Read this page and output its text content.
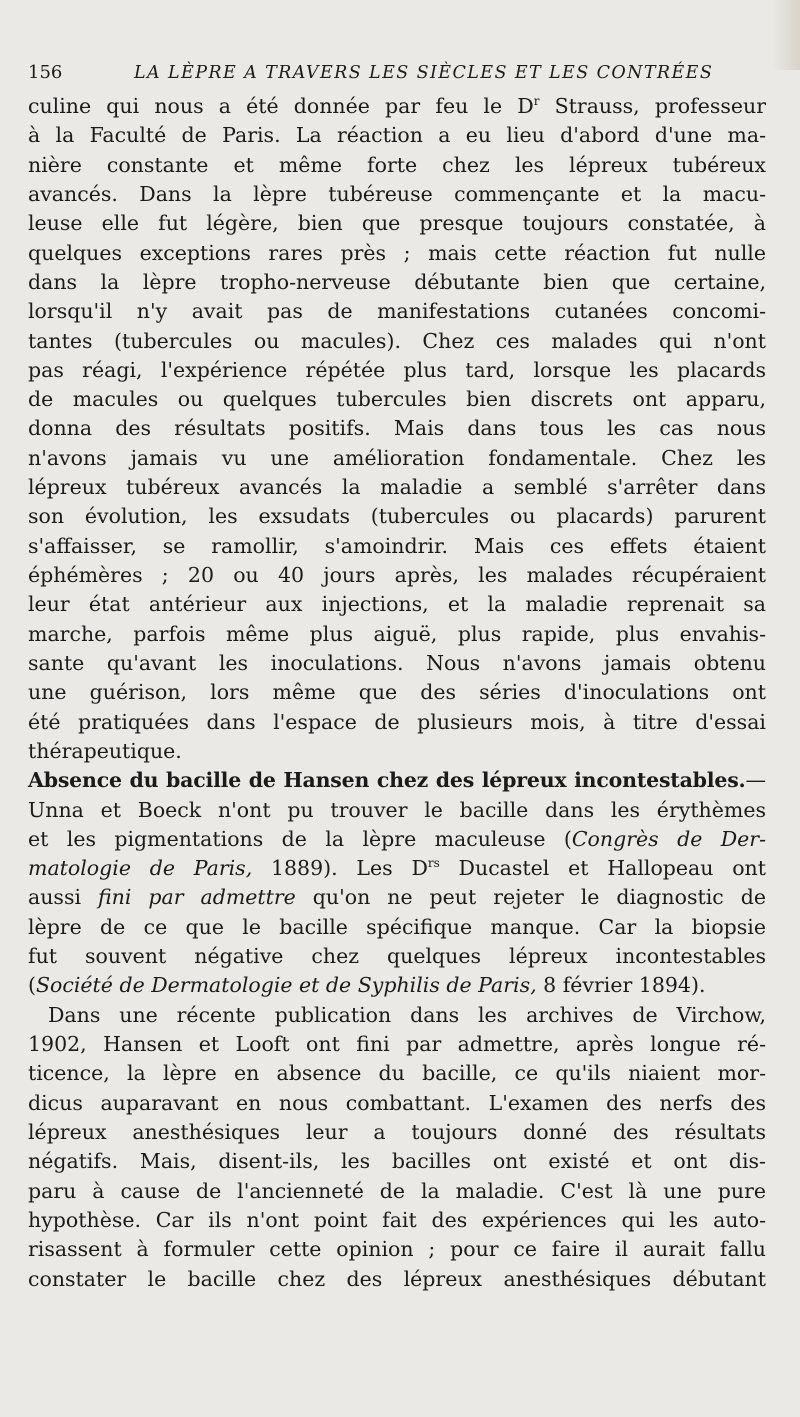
156	LA LÈPRE A TRAVERS LES SIÈCLES ET LES CONTRÉES
culine qui nous a été donnée par feu le $D^r$ Strauss, professeur
à la Faculté de Paris. La réaction a eu lieu d'abord d'une ma-
nière constante et même forte chez les lépreux tubéreux
avancés. Dans la lèpre tubéreuse commençante et la macu-
leuse elle fut légère, bien que presque toujours constatée, à
quelques exceptions rares près ; mais cette réaction fut nulle
dans la lèpre tropho-nerveuse débutante bien que certaine,
lorsqu'il n'y avait pas de manifestations cutanées concomi-
tantes (tubercules ou macules). Chez ces malades qui n'ont
pas réagi, l'expérience répétée plus tard, lorsque les placards
de macules ou quelques tubercules bien discrets ont apparu,
donna des résultats positifs. Mais dans tous les cas nous
n'avons jamais vu une amélioration fondamentale. Chez les
lépreux tubéreux avancés la maladie a semblé s'arrêter dans
son évolution, les exsudats (tubercules ou placards) parurent
s'affaisser, se ramollir, s'amoindrir. Mais ces effets étaient
éphémères ; 20 ou 40 jours après, les malades récupéraient
leur état antérieur aux injections, et la maladie reprenait sa
marche, parfois même plus aiguë, plus rapide, plus envahis-
sante qu'avant les inoculations. Nous n'avons jamais obtenu
une guérison, lors même que des séries d'inoculations ont
été pratiquées dans l'espace de plusieurs mois, à titre d'essai
thérapeutique.
Absence du bacille de Hansen chez des lépreux incontestables.—
Unna et Boeck n'ont pu trouver le bacille dans les érythèmes
et les pigmentations de la lèpre maculeuse (Congrès de Der-
matologie de Paris, 1889). Les $D^{rs}$ Ducastel et Hallopeau ont
aussi fini par admettre qu'on ne peut rejeter le diagnostic de
lèpre de ce que le bacille spécifique manque. Car la biopsie
fut souvent négative chez quelques lépreux incontestables
(Société de Dermatologie et de Syphilis de Paris, 8 février 1894).
Dans une récente publication dans les archives de Virchow,
1902, Hansen et Looft ont fini par admettre, après longue ré-
ticence, la lèpre en absence du bacille, ce qu'ils niaient mor-
dicus auparavant en nous combattant. L'examen des nerfs des
lépreux anesthésiques leur a toujours donné des résultats
négatifs. Mais, disent-ils, les bacilles ont existé et ont dis-
paru à cause de l'ancienneté de la maladie. C'est là une pure
hypothèse. Car ils n'ont point fait des expériences qui les auto-
risassent à formuler cette opinion ; pour ce faire il aurait fallu
constater le bacille chez des lépreux anesthésiques débutant
